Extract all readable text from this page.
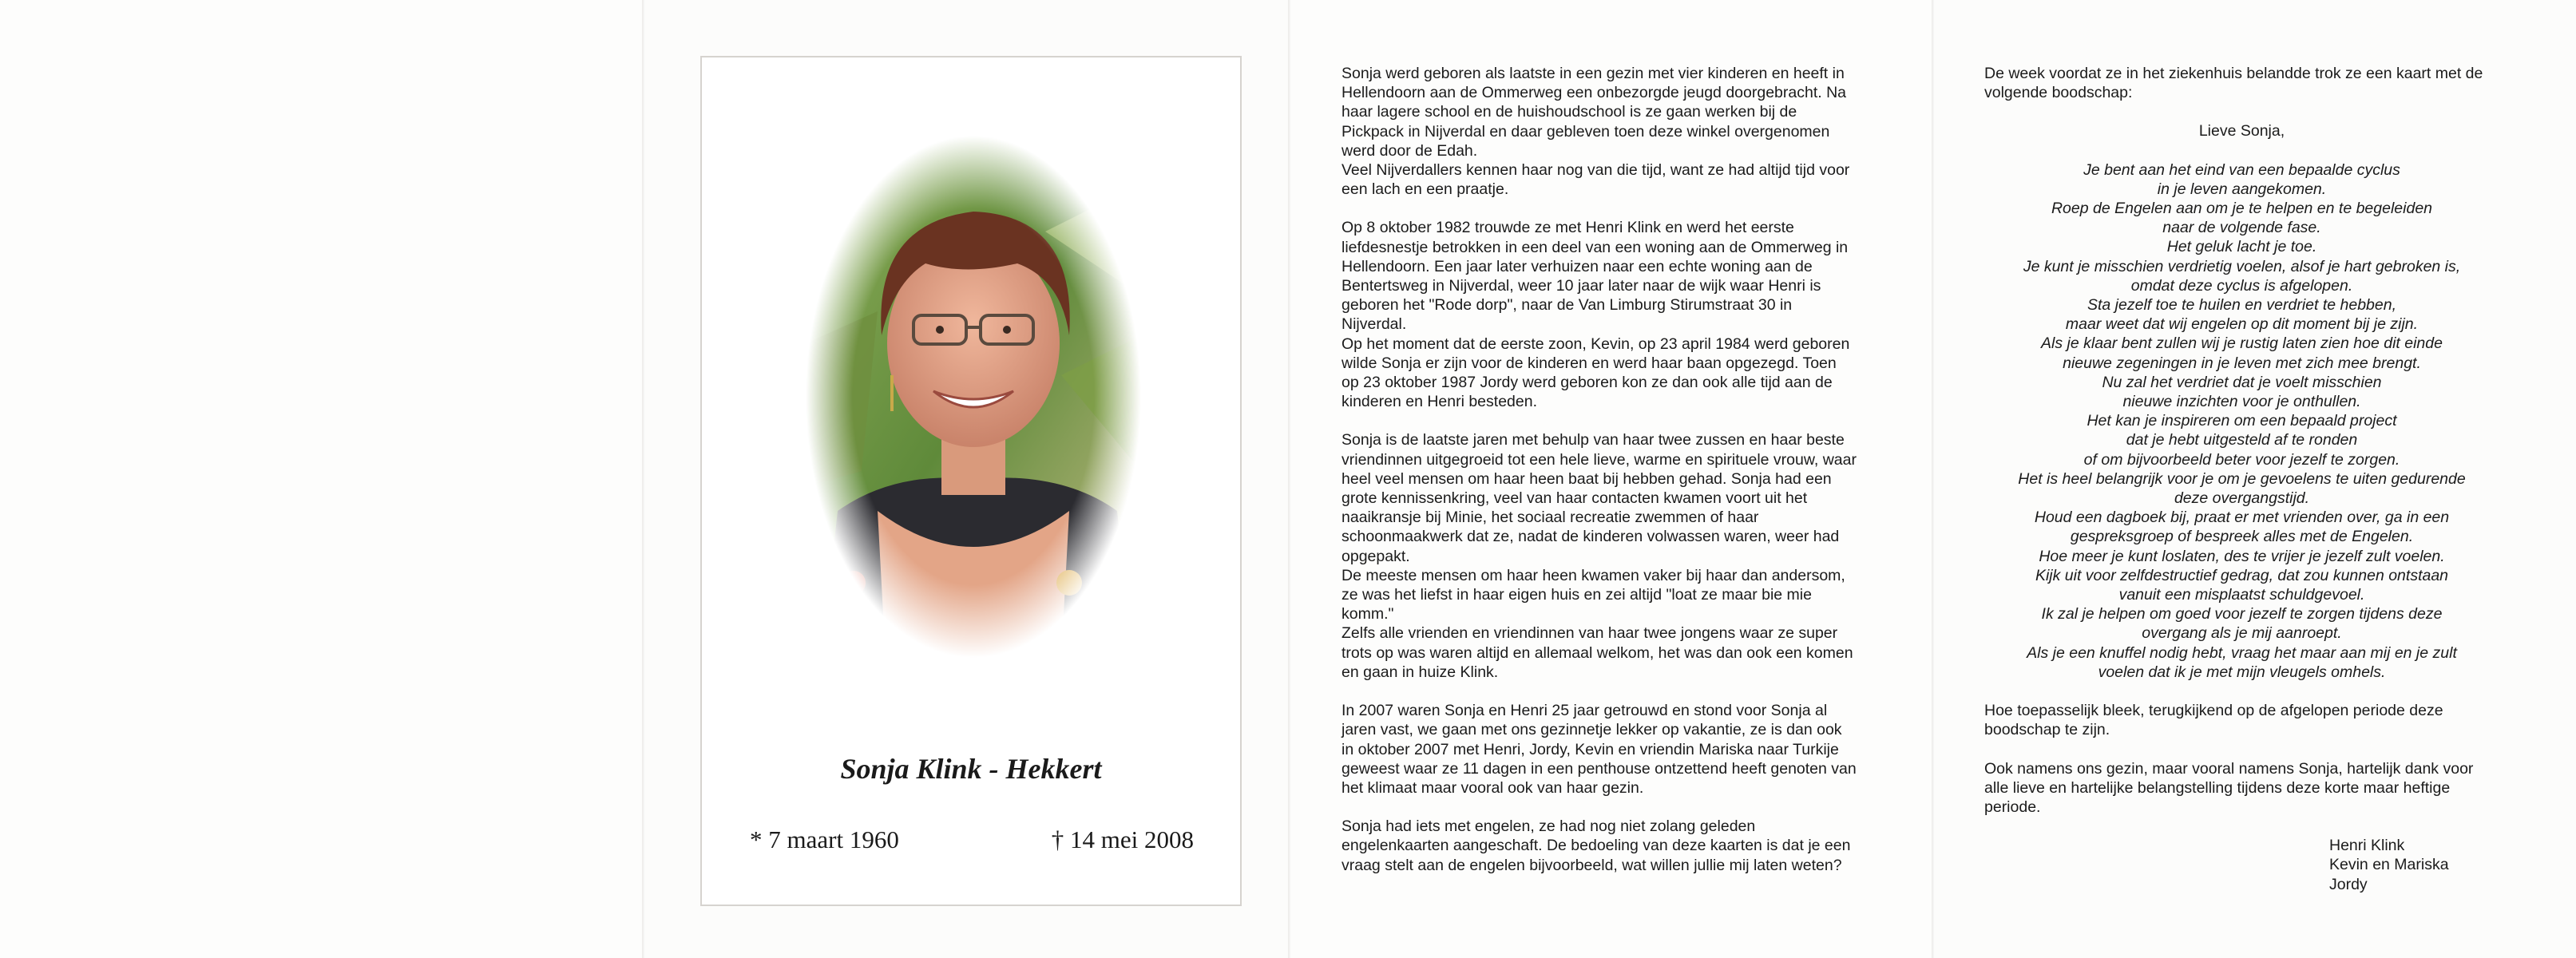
Sonja Klink - Hekkert
* 7 maart 1960	† 14 mei 2008

Sonja werd geboren als laatste in een gezin met vier kinderen en heeft in Hellendoorn aan de Ommerweg een onbezorgde jeugd doorgebracht. Na haar lagere school en de huishoudschool is ze gaan werken bij de Pickpack in Nijverdal en daar gebleven toen deze winkel overgenomen werd door de Edah.

Veel Nijverdallers kennen haar nog van die tijd, want ze had altijd tijd voor een lach en een praatje.

Op 8 oktober 1982 trouwde ze met Henri Klink en werd het eerste liefdesnestje betrokken in een deel van een woning aan de Ommerweg in Hellendoorn. Een jaar later verhuizen naar een echte woning aan de Bentertsweg in Nijverdal, weer 10 jaar later naar de wijk waar Henri is geboren het "Rode dorp", naar de Van Limburg Stirumstraat 30 in Nijverdal.

Op het moment dat de eerste zoon, Kevin, op 23 april 1984 werd geboren wilde Sonja er zijn voor de kinderen en werd haar baan opgezegd. Toen op 23 oktober 1987 Jordy werd geboren kon ze dan ook alle tijd aan de kinderen en Henri besteden.

Sonja is de laatste jaren met behulp van haar twee zussen en haar beste vriendinnen uitgegroeid tot een hele lieve, warme en spirituele vrouw, waar heel veel mensen om haar heen baat bij hebben gehad. Sonja had een grote kennissenkring, veel van haar contacten kwamen voort uit het naaikransje bij Minie, het sociaal recreatie zwemmen of haar schoonmaakwerk dat ze, nadat de kinderen volwassen waren, weer had opgepakt.

De meeste mensen om haar heen kwamen vaker bij haar dan andersom, ze was het liefst in haar eigen huis en zei altijd "loat ze maar bie mie komm."

Zelfs alle vrienden en vriendinnen van haar twee jongens waar ze super trots op was waren altijd en allemaal welkom, het was dan ook een komen en gaan in huize Klink.

In 2007 waren Sonja en Henri 25 jaar getrouwd en stond voor Sonja al jaren vast, we gaan met ons gezinnetje lekker op vakantie, ze is dan ook in oktober 2007 met Henri, Jordy, Kevin en vriendin Mariska naar Turkije geweest waar ze 11 dagen in een penthouse ontzettend heeft genoten van het klimaat maar vooral ook van haar gezin.

Sonja had iets met engelen, ze had nog niet zolang geleden engelenkaarten aangeschaft. De bedoeling van deze kaarten is dat je een vraag stelt aan de engelen bijvoorbeeld, wat willen jullie mij laten weten?

De week voordat ze in het ziekenhuis belandde trok ze een kaart met de volgende boodschap:

Lieve Sonja,
Je bent aan het eind van een bepaalde cyclus
in je leven aangekomen.
Roep de Engelen aan om je te helpen en te begeleiden
naar de volgende fase.
Het geluk lacht je toe.
Je kunt je misschien verdrietig voelen, alsof je hart gebroken is,
omdat deze cyclus is afgelopen.
Sta jezelf toe te huilen en verdriet te hebben,
maar weet dat wij engelen op dit moment bij je zijn.
Als je klaar bent zullen wij je rustig laten zien hoe dit einde
nieuwe zegeningen in je leven met zich mee brengt.
Nu zal het verdriet dat je voelt misschien
nieuwe inzichten voor je onthullen.
Het kan je inspireren om een bepaald project
dat je hebt uitgesteld af te ronden
of om bijvoorbeeld beter voor jezelf te zorgen.
Het is heel belangrijk voor je om je gevoelens te uiten gedurende
deze overgangstijd.
Houd een dagboek bij, praat er met vrienden over, ga in een
gespreksgroep of bespreek alles met de Engelen.
Hoe meer je kunt loslaten, des te vrijer je jezelf zult voelen.
Kijk uit voor zelfdestructief gedrag, dat zou kunnen ontstaan
vanuit een misplaatst schuldgevoel.
Ik zal je helpen om goed voor jezelf te zorgen tijdens deze
overgang als je mij aanroept.
Als je een knuffel nodig hebt, vraag het maar aan mij en je zult
voelen dat ik je met mijn vleugels omhels.

Hoe toepasselijk bleek, terugkijkend op de afgelopen periode deze boodschap te zijn.

Ook namens ons gezin, maar vooral namens Sonja, hartelijk dank voor alle lieve en hartelijke belangstelling tijdens deze korte maar heftige periode.

Henri Klink
Kevin en Mariska
Jordy
